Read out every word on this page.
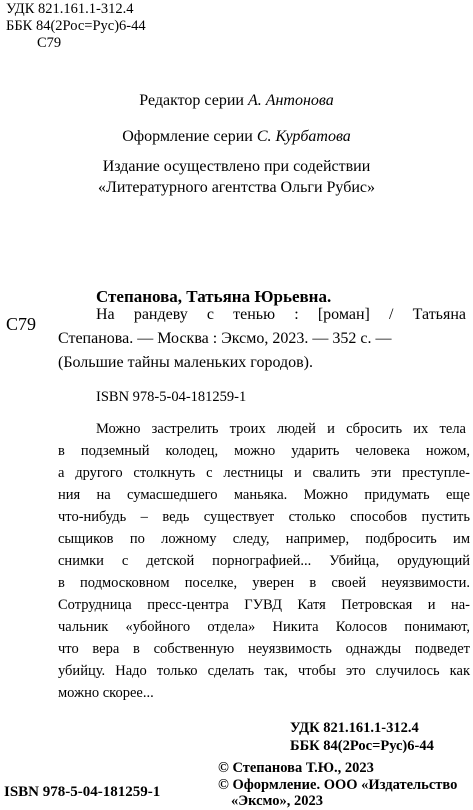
УДК 821.161.1-312.4
ББК 84(2Рос=Рус)6-44
С79
Редактор серии А. Антонова
Оформление серии С. Курбатова
Издание осуществлено при содействии
«Литературного агентства Ольги Рубис»
Степанова, Татьяна Юрьевна.
С79	На рандеву с тенью : [роман] / Татьяна
Степанова. — Москва : Эксмо, 2023. — 352 с. —
(Большие тайны маленьких городов).
ISBN 978-5-04-181259-1
Можно застрелить троих людей и сбросить их тела
в подземный колодец, можно ударить человека ножом,
а другого столкнуть с лестницы и свалить эти преступле-
ния на сумасшедшего маньяка. Можно придумать еще
что-нибудь – ведь существует столько способов пустить
сыщиков по ложному следу, например, подбросить им
снимки с детской порнографией... Убийца, орудующий
в подмосковном поселке, уверен в своей неуязвимости.
Сотрудница пресс-центра ГУВД Катя Петровская и на-
чальник «убойного отдела» Никита Колосов понимают,
что вера в собственную неуязвимость однажды подведет
убийцу. Надо только сделать так, чтобы это случилось как
можно скорее...
УДК 821.161.1-312.4
ББК 84(2Рос=Рус)6-44
© Степанова Т.Ю., 2023
© Оформление. ООО «Издательство
«Эксмо», 2023
ISBN 978-5-04-181259-1
